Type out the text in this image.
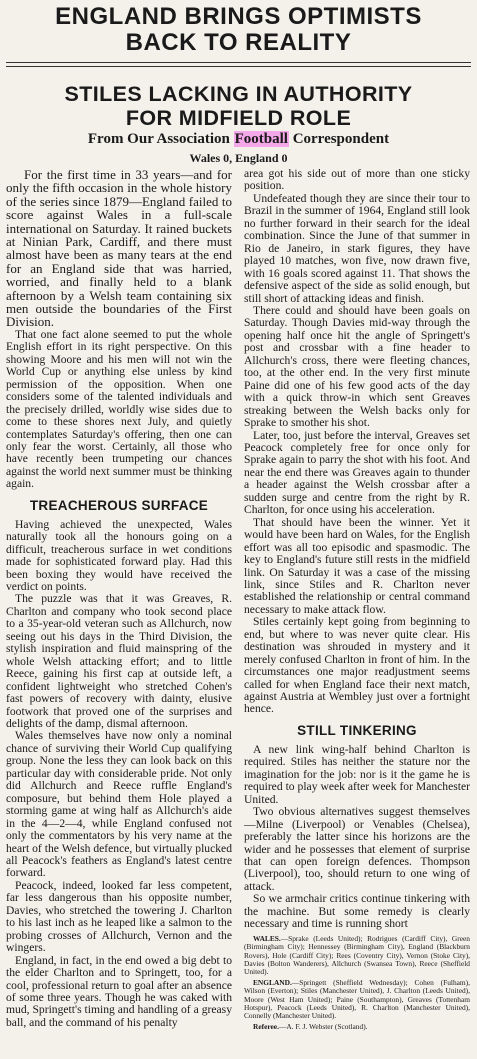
ENGLAND BRINGS OPTIMISTS
BACK TO REALITY
STILES LACKING IN AUTHORITY
FOR MIDFIELD ROLE
From Our Association Football Correspondent
Wales 0, England 0

For the first time in 33 years—and for only the fifth occasion in the whole history of the series since 1879—England failed to score against Wales in a full-scale international on Saturday. It rained buckets at Ninian Park, Cardiff, and there must almost have been as many tears at the end for an England side that was harried, worried, and finally held to a blank afternoon by a Welsh team containing six men outside the boundaries of the First Division.

That one fact alone seemed to put the whole English effort in its right perspective. On this showing Moore and his men will not win the World Cup or anything else unless by kind permission of the opposition. When one considers some of the talented individuals and the precisely drilled, worldly wise sides due to come to these shores next July, and quietly contemplates Saturday's offering, then one can only fear the worst. Certainly, all those who have recently been trumpeting our chances against the world next summer must be thinking again.

TREACHEROUS SURFACE

Having achieved the unexpected, Wales naturally took all the honours going on a difficult, treacherous surface in wet conditions made for sophisticated forward play. Had this been boxing they would have received the verdict on points.

The puzzle was that it was Greaves, R. Charlton and company who took second place to a 35-year-old veteran such as Allchurch, now seeing out his days in the Third Division, the stylish inspiration and fluid mainspring of the whole Welsh attacking effort; and to little Reece, gaining his first cap at outside left, a confident lightweight who stretched Cohen's fast powers of recovery with dainty, elusive footwork that proved one of the surprises and delights of the damp, dismal afternoon.

Wales themselves have now only a nominal chance of surviving their World Cup qualifying group. None the less they can look back on this particular day with considerable pride. Not only did Allchurch and Reece ruffle England's composure, but behind them Hole played a storming game at wing half as Allchurch's aide in the 4—2—4, while England confused not only the commentators by his very name at the heart of the Welsh defence, but virtually plucked all Peacock's feathers as England's latest centre forward.

Peacock, indeed, looked far less competent, far less dangerous than his opposite number, Davies, who stretched the towering J. Charlton to his last inch as he leaped like a salmon to the probing crosses of Allchurch, Vernon and the wingers.

England, in fact, in the end owed a big debt to the elder Charlton and to Springett, too, for a cool, professional return to goal after an absence of some three years. Though he was caked with mud, Springett's timing and handling of a greasy ball, and the command of his penalty

area got his side out of more than one sticky position.

Undefeated though they are since their tour to Brazil in the summer of 1964, England still look no further forward in their search for the ideal combination. Since the June of that summer in Rio de Janeiro, in stark figures, they have played 10 matches, won five, now drawn five, with 16 goals scored against 11. That shows the defensive aspect of the side as solid enough, but still short of attacking ideas and finish.

There could and should have been goals on Saturday. Though Davies mid-way through the opening half once hit the angle of Springett's post and crossbar with a fine header to Allchurch's cross, there were fleeting chances, too, at the other end. In the very first minute Paine did one of his few good acts of the day with a quick throw-in which sent Greaves streaking between the Welsh backs only for Sprake to smother his shot.

Later, too, just before the interval, Greaves set Peacock completely free for once only for Sprake again to parry the shot with his foot. And near the end there was Greaves again to thunder a header against the Welsh crossbar after a sudden surge and centre from the right by R. Charlton, for once using his acceleration.

That should have been the winner. Yet it would have been hard on Wales, for the English effort was all too episodic and spasmodic. The key to England's future still rests in the midfield link. On Saturday it was a case of the missing link, since Stiles and R. Charlton never established the relationship or central command necessary to make attack flow.

Stiles certainly kept going from beginning to end, but where to was never quite clear. His destination was shrouded in mystery and it merely confused Charlton in front of him. In the circumstances one major readjustment seems called for when England face their next match, against Austria at Wembley just over a fortnight hence.

STILL TINKERING

A new link wing-half behind Charlton is required. Stiles has neither the stature nor the imagination for the job: nor is it the game he is required to play week after week for Manchester United.

Two obvious alternatives suggest themselves—Milne (Liverpool) or Venables (Chelsea), preferably the latter since his horizons are the wider and he possesses that element of surprise that can open foreign defences. Thompson (Liverpool), too, should return to one wing of attack.

So we armchair critics continue tinkering with the machine. But some remedy is clearly necessary and time is running short

WALES.—Sprake (Leeds United); Rodrigues (Cardiff City), Green (Birmingham City); Hennessey (Birmingham City), England (Blackburn Rovers), Hole (Cardiff City); Rees (Coventry City), Vernon (Stoke City), Davies (Bolton Wanderers), Allchurch (Swansea Town), Reece (Sheffield United).

ENGLAND.—Springett (Sheffield Wednesday); Cohen (Fulham), Wilson (Everton); Stiles (Manchester United), J. Charlton (Leeds United), Moore (West Ham United); Paine (Southampton), Greaves (Tottenham Hotspur), Peacock (Leeds United), R. Charlton (Manchester United), Connelly (Manchester United).

Referee.—A. F. J. Webster (Scotland).
